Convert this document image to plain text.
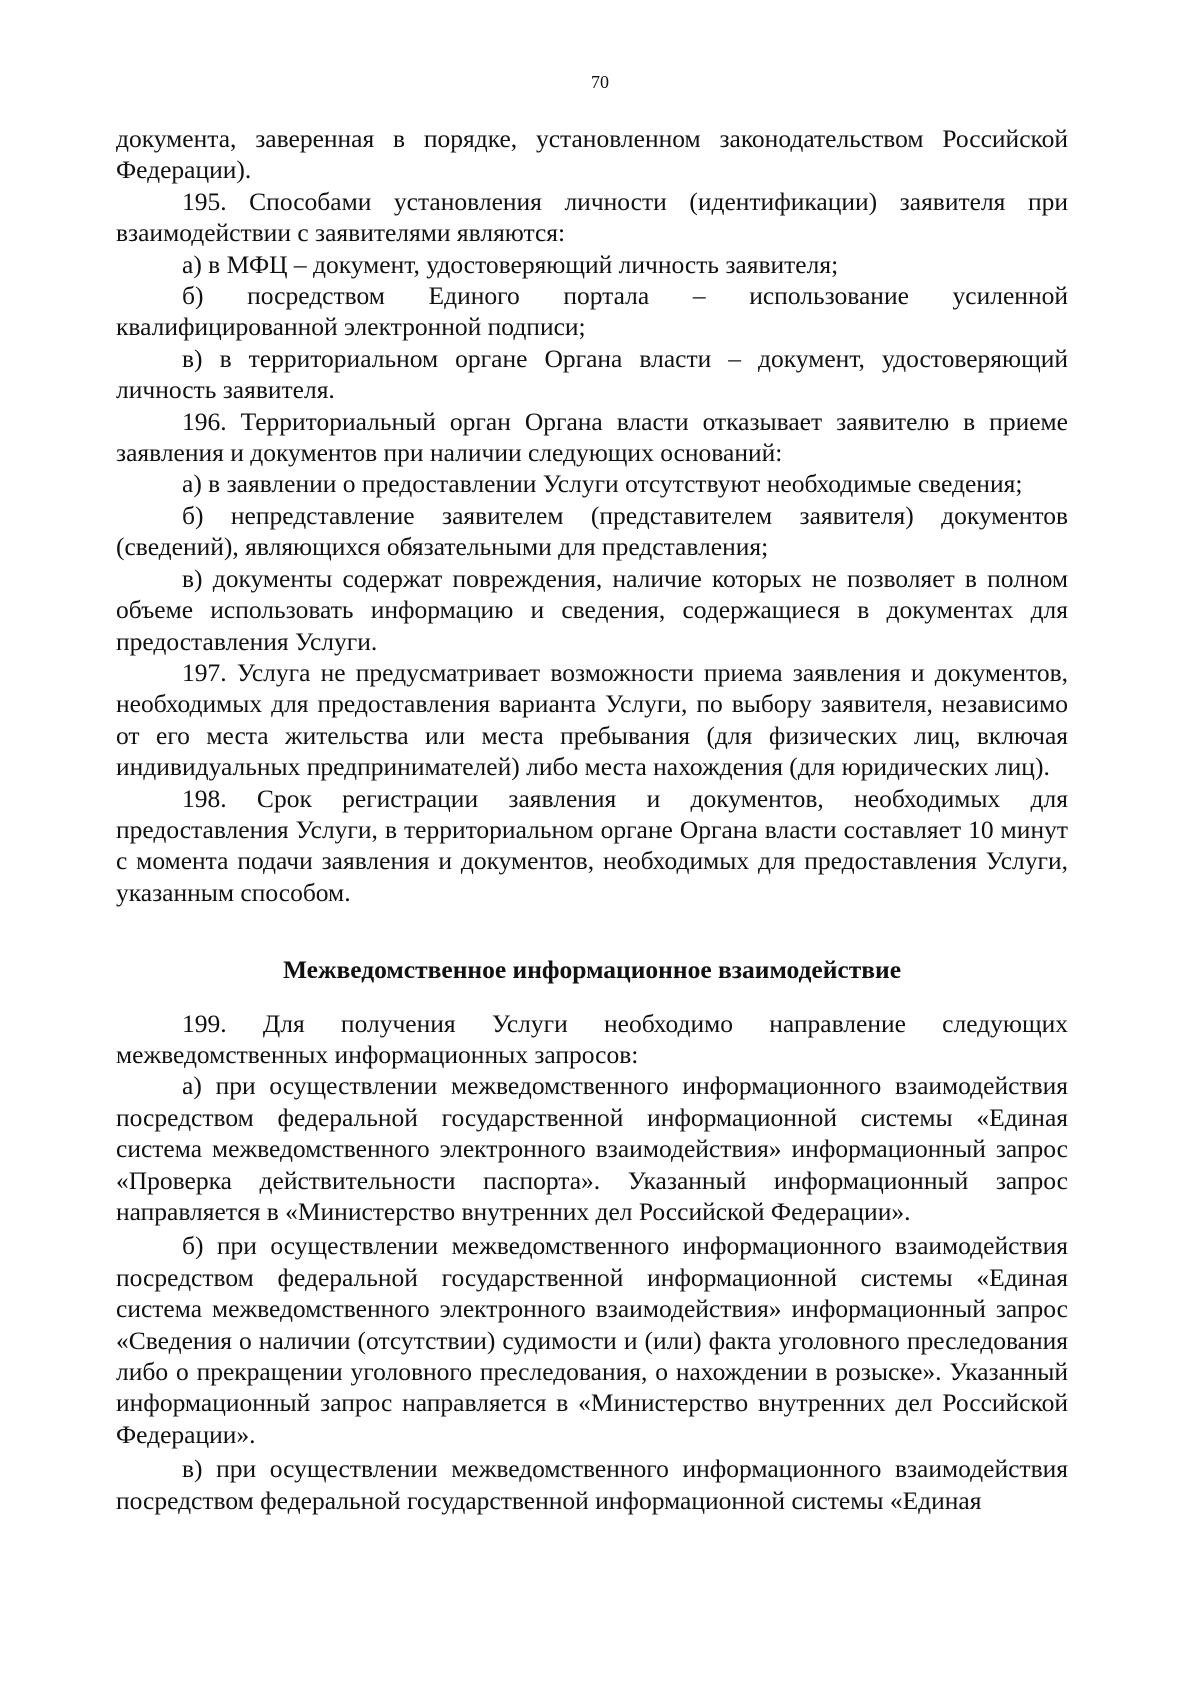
70

документа, заверенная в порядке, установленном законодательством Российской Федерации).

195. Способами установления личности (идентификации) заявителя при взаимодействии с заявителями являются:

а) в МФЦ – документ, удостоверяющий личность заявителя;

б) посредством Единого портала – использование усиленной квалифицированной электронной подписи;

в) в территориальном органе Органа власти – документ, удостоверяющий личность заявителя.

196. Территориальный орган Органа власти отказывает заявителю в приеме заявления и документов при наличии следующих оснований:

а) в заявлении о предоставлении Услуги отсутствуют необходимые сведения;

б) непредставление заявителем (представителем заявителя) документов (сведений), являющихся обязательными для представления;

в) документы содержат повреждения, наличие которых не позволяет в полном объеме использовать информацию и сведения, содержащиеся в документах для предоставления Услуги.

197. Услуга не предусматривает возможности приема заявления и документов, необходимых для предоставления варианта Услуги, по выбору заявителя, независимо от его места жительства или места пребывания (для физических лиц, включая индивидуальных предпринимателей) либо места нахождения (для юридических лиц).

198. Срок регистрации заявления и документов, необходимых для предоставления Услуги, в территориальном органе Органа власти составляет 10 минут с момента подачи заявления и документов, необходимых для предоставления Услуги, указанным способом.

Межведомственное информационное взаимодействие

199. Для получения Услуги необходимо направление следующих межведомственных информационных запросов:

а) при осуществлении межведомственного информационного взаимодействия посредством федеральной государственной информационной системы «Единая система межведомственного электронного взаимодействия» информационный запрос «Проверка действительности паспорта». Указанный информационный запрос направляется в «Министерство внутренних дел Российской Федерации».

б) при осуществлении межведомственного информационного взаимодействия посредством федеральной государственной информационной системы «Единая система межведомственного электронного взаимодействия» информационный запрос «Сведения о наличии (отсутствии) судимости и (или) факта уголовного преследования либо о прекращении уголовного преследования, о нахождении в розыске». Указанный информационный запрос направляется в «Министерство внутренних дел Российской Федерации».

в) при осуществлении межведомственного информационного взаимодействия посредством федеральной государственной информационной системы «Единая
